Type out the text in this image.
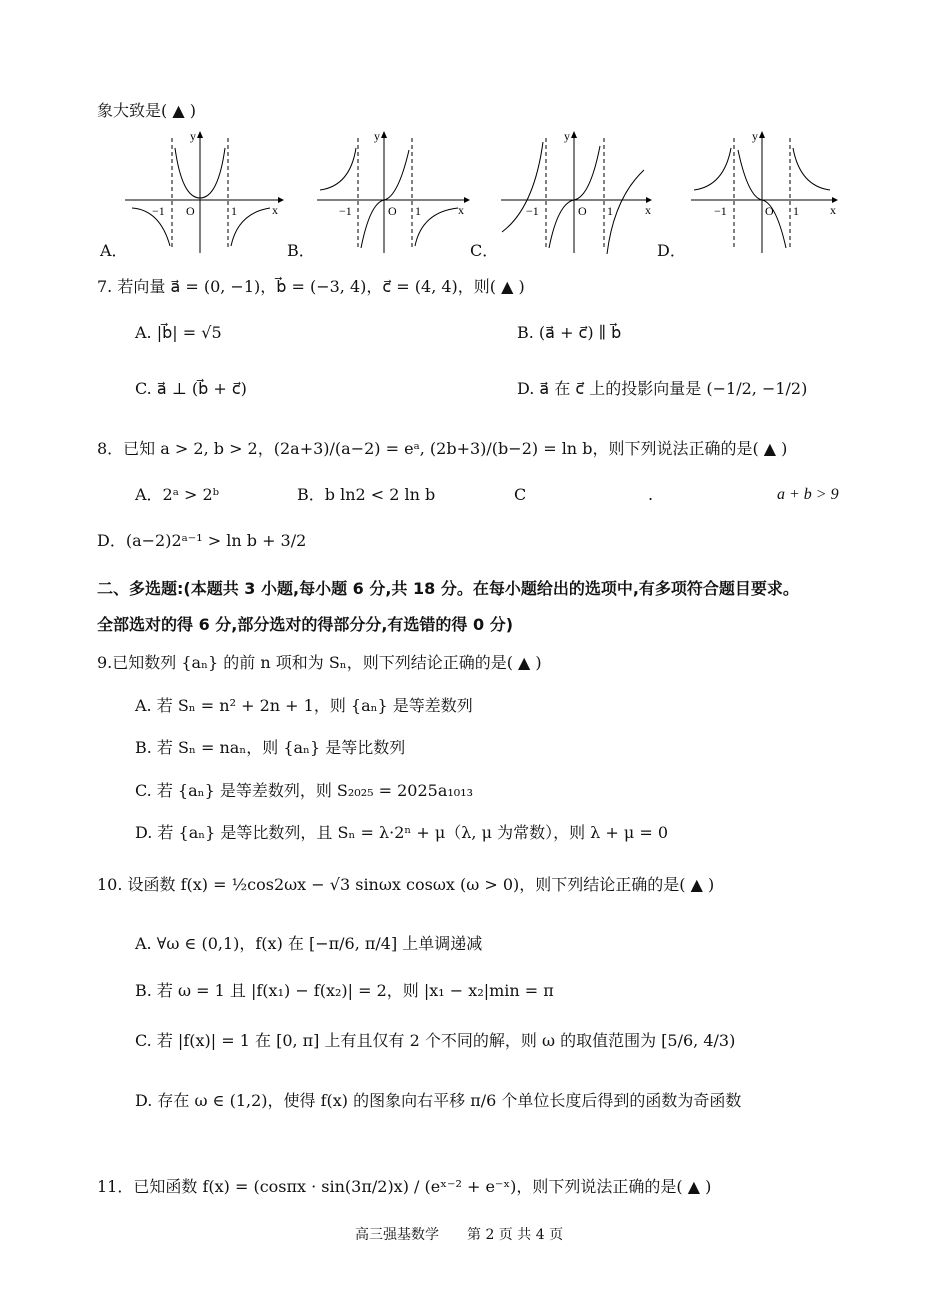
象大致是( ▲ )
y
x
O
−1	1
A．
y
x
O
−1	1
B．
y
x
O
−1	1
C．
y
x
O
−1	1
D．
7. 若向量 a⃗ = (0, −1)，b⃗ = (−3, 4)，c⃗ = (4, 4)，则( ▲ )
A. |b⃗| = √5	B. (a⃗ + c⃗) ∥ b⃗
C. a⃗ ⊥ (b⃗ + c⃗)	D. a⃗ 在 c⃗ 上的投影向量是 (−1/2, −1/2)
8．已知 a > 2, b > 2，(2a+3)/(a−2) = eᵃ, (2b+3)/(b−2) = ln b，则下列说法正确的是( ▲ )
A．2ᵃ > 2ᵇ	B．b ln2 < 2 ln b	C	.	a + b > 9
D．(a−2)2ᵃ⁻¹ > ln b + 3/2
二、多选题:(本题共 3 小题,每小题 6 分,共 18 分。在每小题给出的选项中,有多项符合题目要求。
全部选对的得 6 分,部分选对的得部分分,有选错的得 0 分)
9.已知数列 {aₙ} 的前 n 项和为 Sₙ，则下列结论正确的是( ▲ )
A. 若 Sₙ = n² + 2n + 1，则 {aₙ} 是等差数列
B. 若 Sₙ = naₙ，则 {aₙ} 是等比数列
C. 若 {aₙ} 是等差数列，则 S₂₀₂₅ = 2025a₁₀₁₃
D. 若 {aₙ} 是等比数列，且 Sₙ = λ·2ⁿ + μ（λ, μ 为常数），则 λ + μ = 0
10. 设函数 f(x) = ½cos2ωx − √3 sinωx cosωx (ω > 0)，则下列结论正确的是( ▲ )
A. ∀ω ∈ (0,1)，f(x) 在 [−π/6, π/4] 上单调递减
B. 若 ω = 1 且 |f(x₁) − f(x₂)| = 2，则 |x₁ − x₂|min = π
C. 若 |f(x)| = 1 在 [0, π] 上有且仅有 2 个不同的解，则 ω 的取值范围为 [5/6, 4/3)
D. 存在 ω ∈ (1,2)，使得 f(x) 的图象向右平移 π/6 个单位长度后得到的函数为奇函数
11．已知函数 f(x) = (cosπx · sin(3π/2)x) / (eˣ⁻² + e⁻ˣ)，则下列说法正确的是( ▲ )
高三强基数学　　第 2 页 共 4 页
